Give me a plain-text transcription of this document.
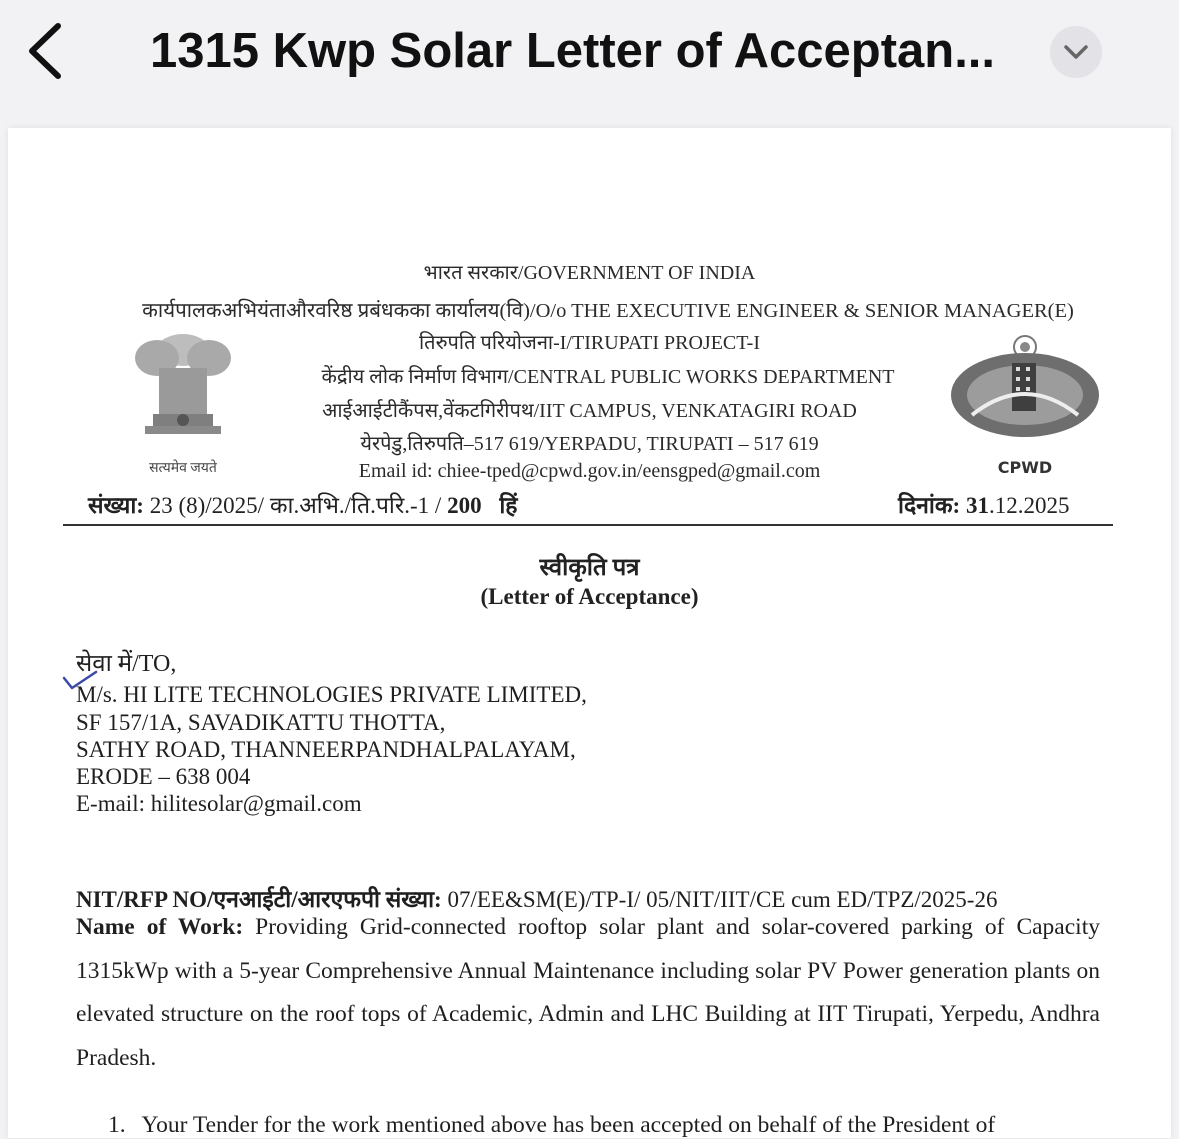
1315 Kwp Solar Letter of Acceptan...
भारत सरकार/GOVERNMENT OF INDIA
कार्यपालकअभियंताऔरवरिष्ठ प्रबंधकका कार्यालय(वि)/O/o THE EXECUTIVE ENGINEER & SENIOR MANAGER(E)
तिरुपति परियोजना-I/TIRUPATI PROJECT-I
केंद्रीय लोक निर्माण विभाग/CENTRAL PUBLIC WORKS DEPARTMENT
आईआईटीकैंपस,वेंकटगिरीपथ/IIT CAMPUS, VENKATAGIRI ROAD
येरपेडु,तिरुपति–517 619/YERPADU, TIRUPATI – 517 619
Email id: chiee-tped@cpwd.gov.in/eensgped@gmail.com
सत्यमेव जयते	CPWD
संख्या: 23 (8)/2025/ का.अभि./ति.परि.-1 / 200 हिं	दिनांक: 31.12.2025
स्वीकृति पत्र
(Letter of Acceptance)
सेवा में/TO,
M/s. HI LITE TECHNOLOGIES PRIVATE LIMITED,
SF 157/1A, SAVADIKATTU THOTTA,
SATHY ROAD, THANNEERPANDHALPALAYAM,
ERODE – 638 004
E-mail: hilitesolar@gmail.com
NIT/RFP NO/एनआईटी/आरएफपी संख्या: 07/EE&SM(E)/TP-I/ 05/NIT/IIT/CE cum ED/TPZ/2025-26
Name of Work: Providing Grid-connected rooftop solar plant and solar-covered parking of Capacity 1315kWp with a 5-year Comprehensive Annual Maintenance including solar PV Power generation plants on elevated structure on the roof tops of Academic, Admin and LHC Building at IIT Tirupati, Yerpedu, Andhra Pradesh.
1. Your Tender for the work mentioned above has been accepted on behalf of the President of
